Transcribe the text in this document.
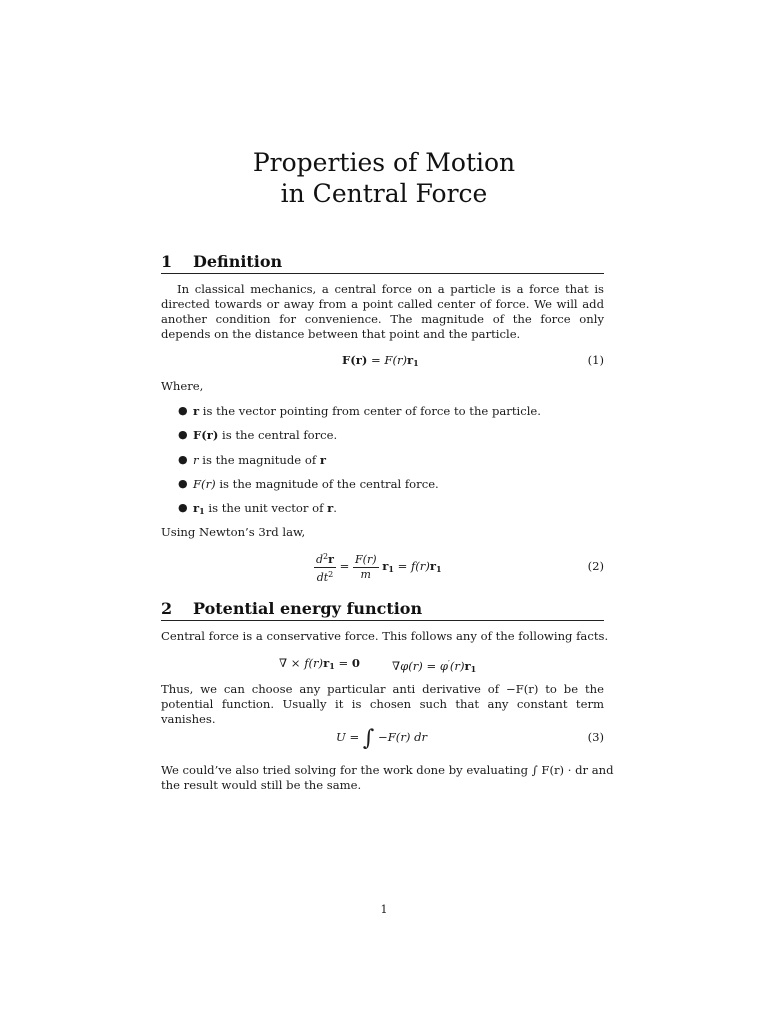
Properties of Motion
in Central Force
1 Definition

In classical mechanics, a central force on a particle is a force that is directed towards or away from a point called center of force. We will add another condition for convenience. The magnitude of the force only depends on the distance between that point and the particle.

$F(r) = F(r)r_1$	(1)
Where,
● r is the vector pointing from center of force to the particle.
● F(r) is the central force.
● r is the magnitude of r
● F(r) is the magnitude of the central force.
● $r_1$ is the unit vector of r.
Using Newton’s 3rd law,
$\frac{d^2r}{dt^2} = \frac{F(r)}{m} r_1 = f(r)r_1$	(2)
2 Potential energy function
Central force is a conservative force. This follows any of the following facts.
∇ × $f(r)r_1 = 0$	$\nabla\varphi(r) = \varphi'(r)r_1$

Thus, we can choose any particular anti derivative of −F(r) to be the potential function. Usually it is chosen such that any constant term vanishes.

U = ∫ −F(r) dr	(3)
We could’ve also tried solving for the work done by evaluating ∫ F(r) · dr and
the result would still be the same.
1
